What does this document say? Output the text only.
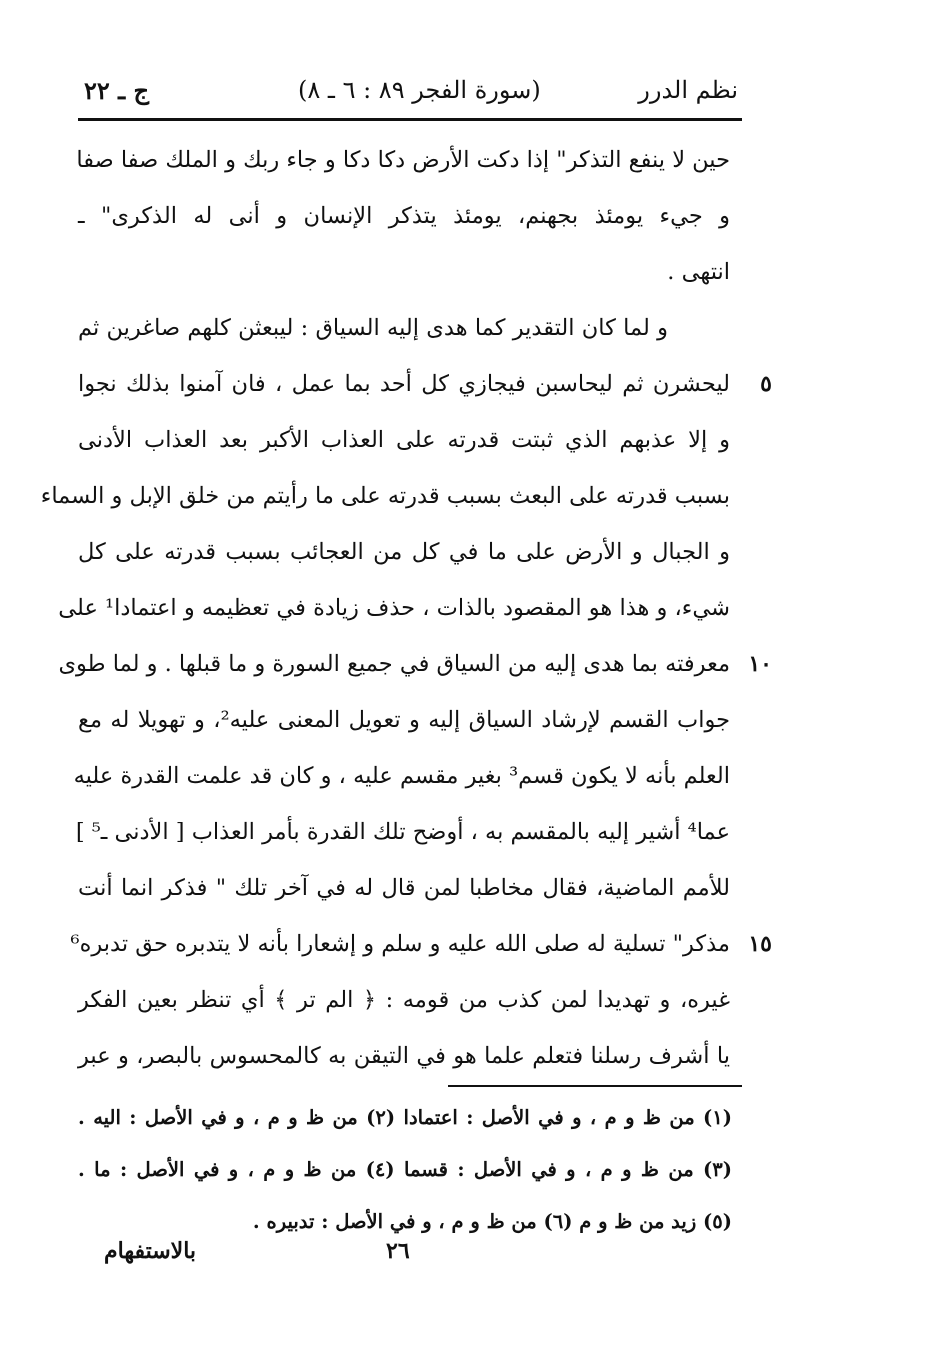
نظم الدرر
(سورة الفجر ٨٩ : ٦ ـ ٨)
ج ـ ٢٢
حين لا ينفع التذكر" إذا دكت الأرض دكا دكا و جاء ربك و الملك صفا صفا
و جيء يومئذ بجهنم، يومئذ يتذكر الإنسان و أنى له الذكرى" ـ
انتهى .
و لما كان التقدير كما هدى إليه السياق : ليبعثن كلهم صاغرين ثم
٥
ليحشرن ثم ليحاسبن فيجازي كل أحد بما عمل ، فان آمنوا بذلك نجوا
و إلا عذبهم الذي ثبتت قدرته على العذاب الأكبر بعد العذاب الأدنى
بسبب قدرته على البعث بسبب قدرته على ما رأيتم من خلق الإبل و السماء
و الجبال و الأرض على ما في كل من العجائب بسبب قدرته على كل
شيء، و هذا هو المقصود بالذات ، حذف زيادة في تعظيمه و اعتمادا¹ على
١٠
معرفته بما هدى إليه من السياق في جميع السورة و ما قبلها . و لما طوى
جواب القسم لإرشاد السياق إليه و تعويل المعنى عليه²، و تهويلا له مع
العلم بأنه لا يكون قسم³ بغير مقسم عليه ، و كان قد علمت القدرة عليه
عما⁴ أشير إليه بالمقسم به ، أوضح تلك القدرة بأمر العذاب [ الأدنى ـ⁵ ]
للأمم الماضية، فقال مخاطبا لمن قال له في آخر تلك " فذكر انما أنت
١٥
مذكر" تسلية له صلى الله عليه و سلم و إشعارا بأنه لا يتدبره حق تدبره⁶
غيره، و تهديدا لمن كذب من قومه : ﴿ الم تر ﴾ أي تنظر بعين الفكر
يا أشرف رسلنا فتعلم علما هو في التيقن به كالمحسوس بالبصر، و عبر
(١) من ظ و م ، و في الأصل : اعتمادا (٢) من ظ و م ، و في الأصل : اليه .
(٣) من ظ و م ، و في الأصل : قسما (٤) من ظ و م ، و في الأصل : ما .
(٥) زيد من ظ و م (٦) من ظ و م ، و في الأصل : تدبيره .
٢٦
بالاستفهام
